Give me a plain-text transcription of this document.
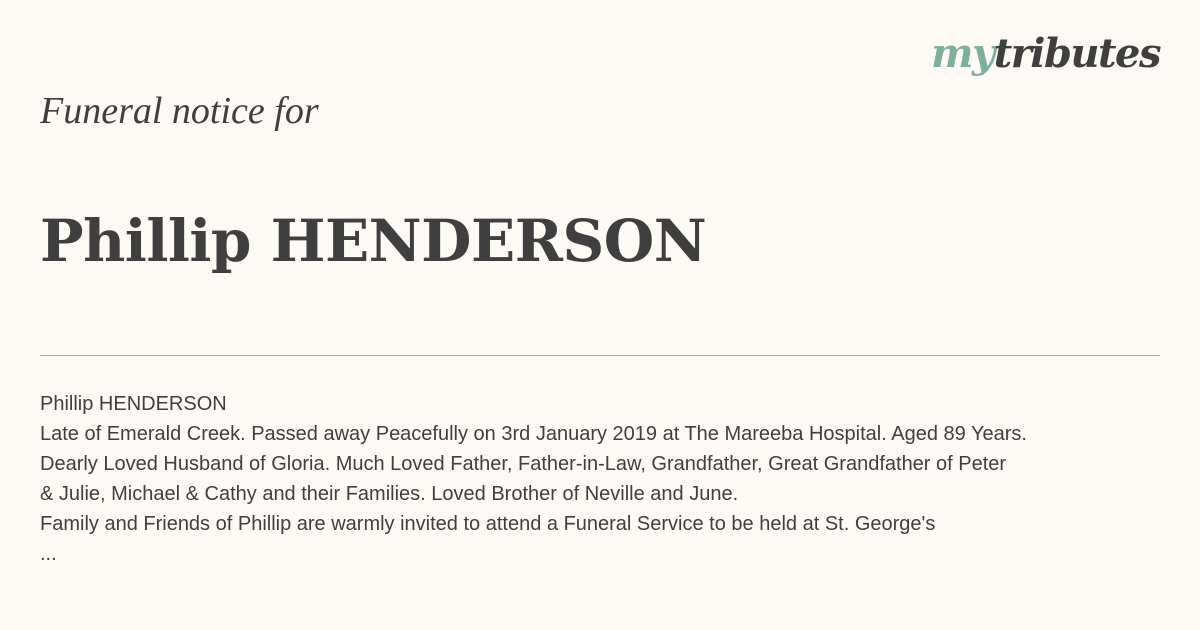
mytributes
Funeral notice for
Phillip HENDERSON
Phillip HENDERSON
Late of Emerald Creek. Passed away Peacefully on 3rd January 2019 at The Mareeba Hospital. Aged 89 Years.
Dearly Loved Husband of Gloria. Much Loved Father, Father-in-Law, Grandfather, Great Grandfather of Peter
& Julie, Michael & Cathy and their Families. Loved Brother of Neville and June.
Family and Friends of Phillip are warmly invited to attend a Funeral Service to be held at St. George's
...
